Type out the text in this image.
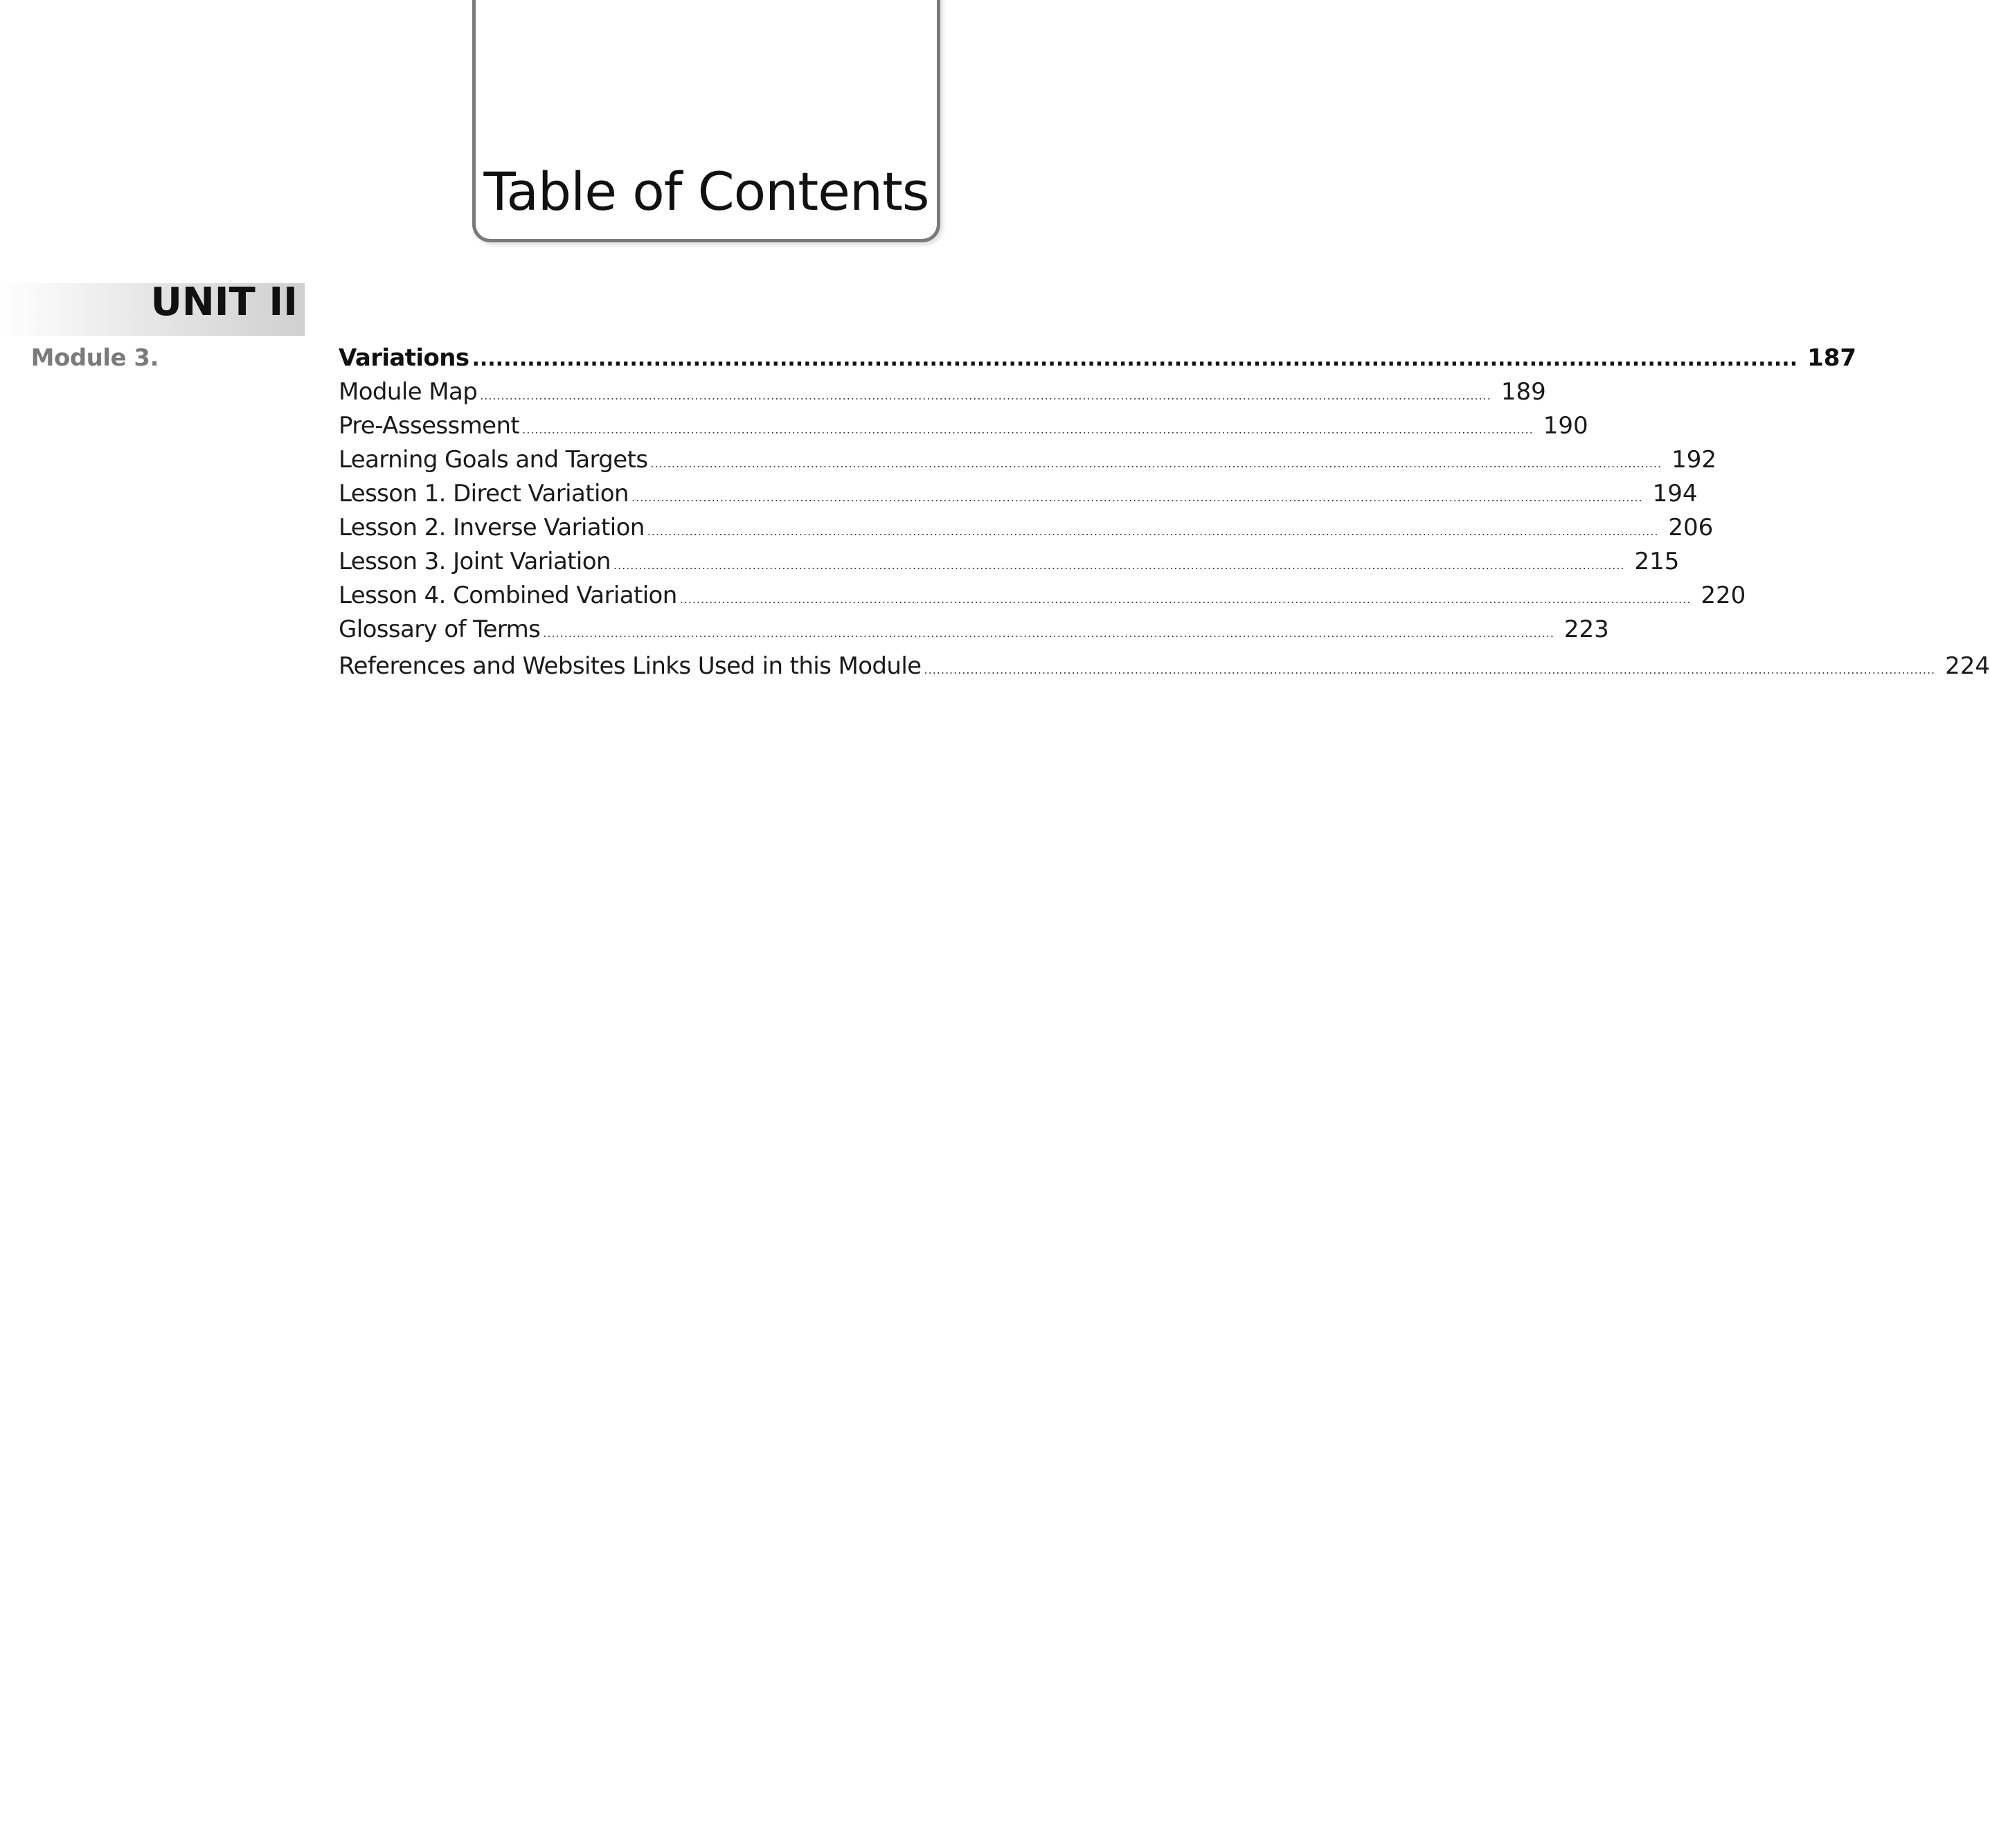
Table of Contents
UNIT II
Module 3.	Variations ........................................................................................................................................................................ 187
Module Map ................................................................................................................................................................................................................................................ 189
Pre-Assessment ................................................................................................................................................................................................................................................ 190
Learning Goals and Targets ................................................................................................................................................................................................................................................ 192
Lesson 1. Direct Variation ................................................................................................................................................................................................................................................ 194
Lesson 2. Inverse Variation ................................................................................................................................................................................................................................................ 206
Lesson 3. Joint Variation ................................................................................................................................................................................................................................................ 215
Lesson 4. Combined Variation ................................................................................................................................................................................................................................................ 220
Glossary of Terms ................................................................................................................................................................................................................................................ 223
References and Websites Links Used in this Module ................................................................................................................................................................................................................................................ 224
